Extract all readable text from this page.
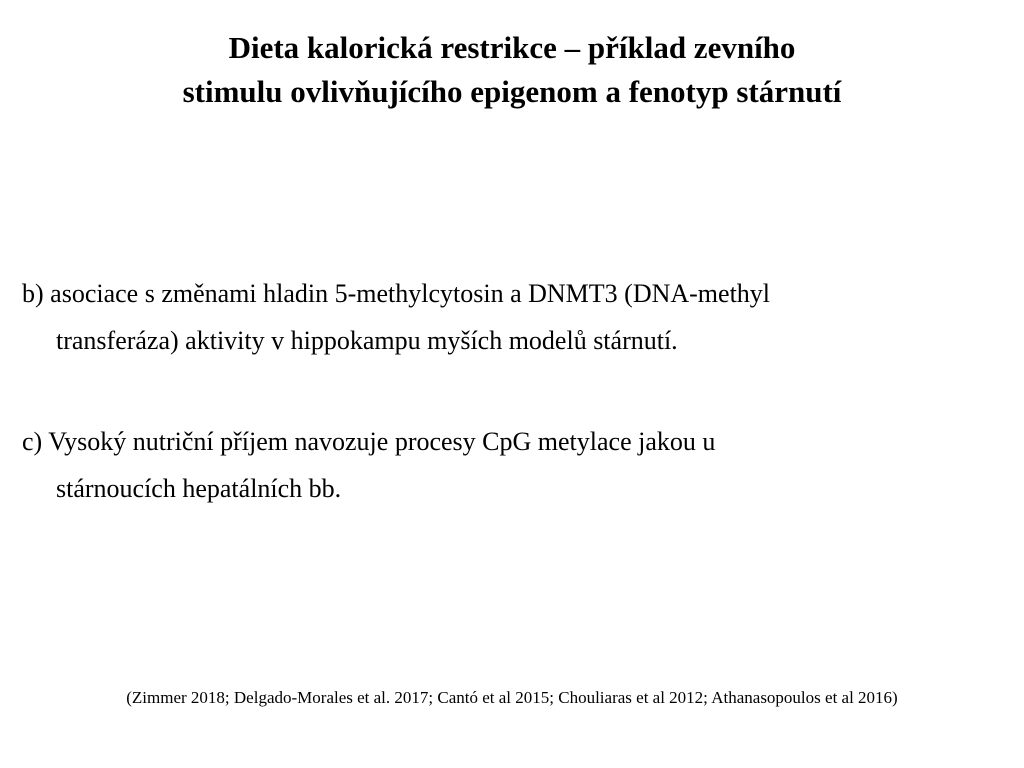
Dieta kalorická restrikce – příklad zevního
stimulu ovlivňujícího epigenom a fenotyp stárnutí

b) asociace s změnami hladin 5-methylcytosin a DNMT3 (DNA-methyl
transferáza) aktivity v hippokampu myších modelů stárnutí.

c) Vysoký nutriční příjem navozuje procesy CpG metylace jakou u
stárnoucích hepatálních bb.

(Zimmer 2018; Delgado-Morales et al. 2017; Cantó et al 2015; Chouliaras et al 2012; Athanasopoulos et al 2016)
